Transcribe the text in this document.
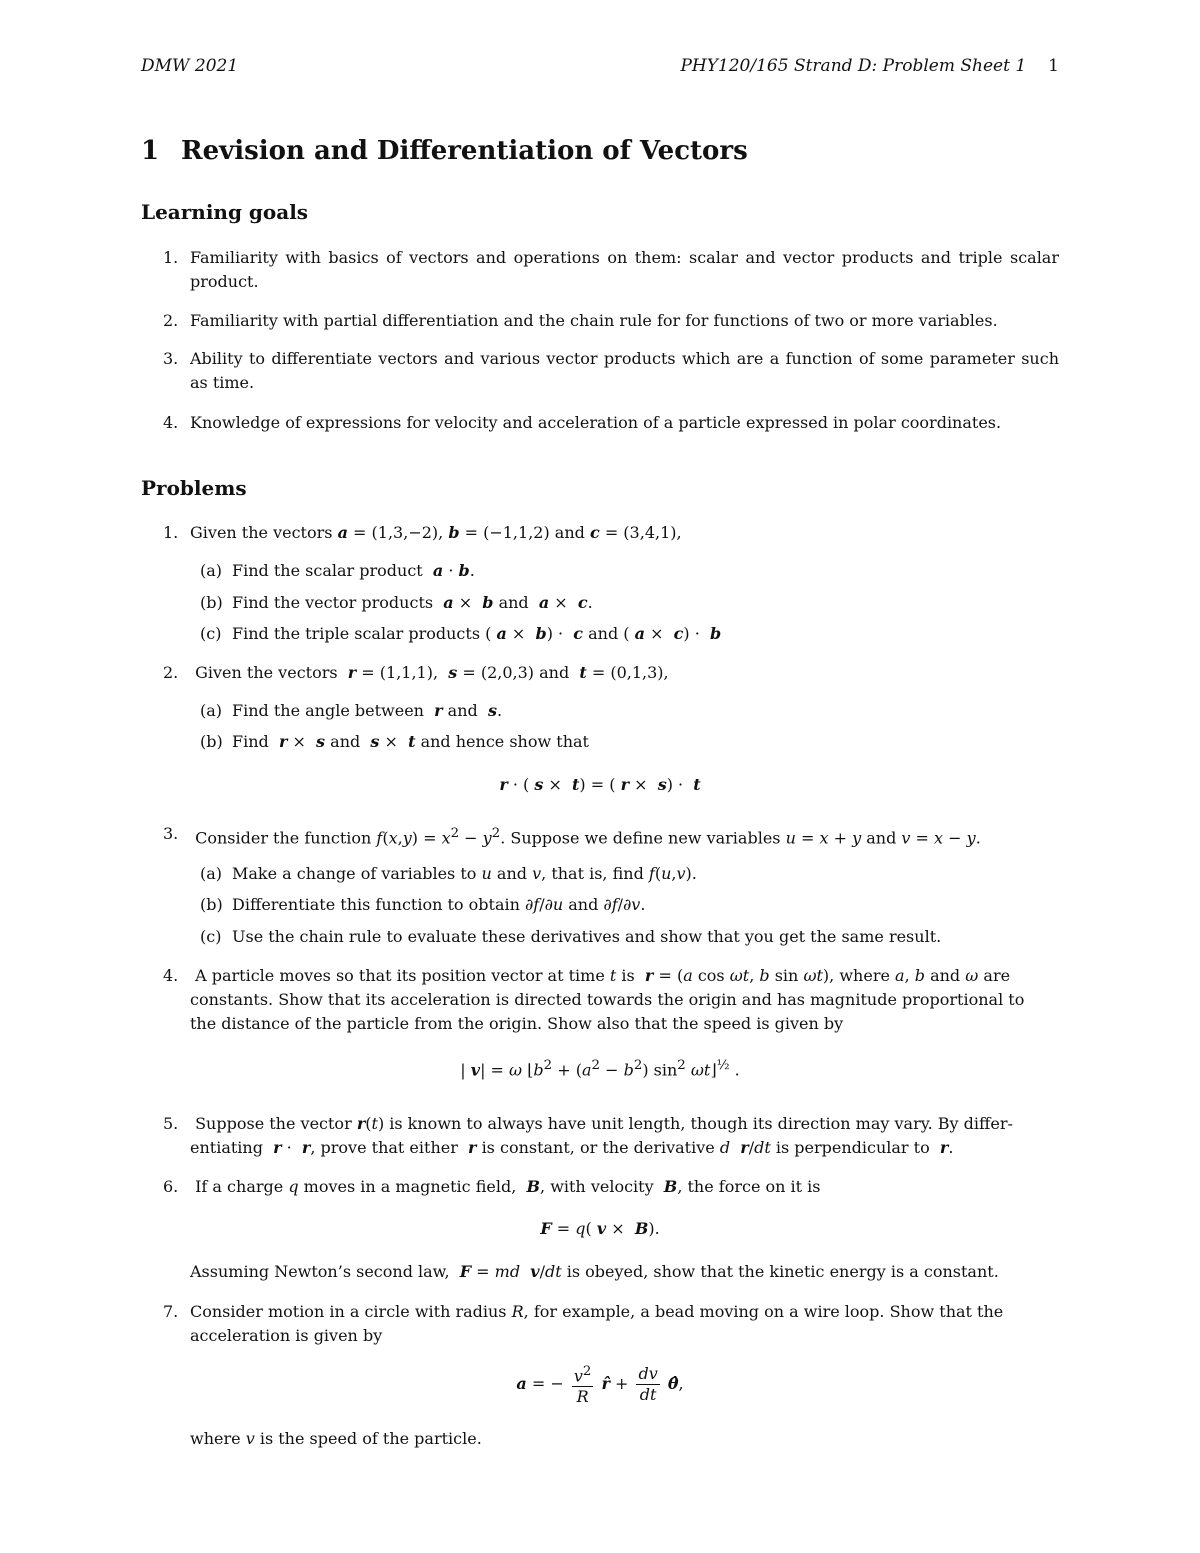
DMW 2021	PHY120/165 Strand D: Problem Sheet 1 1
1 Revision and Differentiation of Vectors
Learning goals
1. Familiarity with basics of vectors and operations on them: scalar and vector products and triple scalar product.
2. Familiarity with partial differentiation and the chain rule for for functions of two or more variables.
3. Ability to differentiate vectors and various vector products which are a function of some parameter such as time.
4. Knowledge of expressions for velocity and acceleration of a particle expressed in polar coordinates.
Problems
1. Given the vectors a = (1,3,−2), b = (−1,1,2) and c = (3,4,1),
(a) Find the scalar product a · b.
(b) Find the vector products a ×  b and  a ×  c.
(c) Find the triple scalar products ( a ×  b) ·  c and ( a ×  c) ·  b
2.	Given the vectors r = (1,1,1), s = (2,0,3) and t = (0,1,3),
(a) Find the angle between r and  s.
(b) Find r ×  s and  s ×  t and hence show that
r · ( s ×  t) = ( r ×  s) ·  t
3.	Consider the function $f(x,y) = x^2 - y^2$. Suppose we define new variables u = x + y and v = x − y.
(a) Make a change of variables to u and v, that is, find f(u,v).
(b) Differentiate this function to obtain ∂f/∂u and ∂f/∂v.
(c) Use the chain rule to evaluate these derivatives and show that you get the same result.
4.	A particle moves so that its position vector at time t is r = (a cos ωt, b sin ωt), where a, b and ω are
constants. Show that its acceleration is directed towards the origin and has magnitude proportional to
the distance of the particle from the origin. Show also that the speed is given by
| v| = ω $⌊b^2 + (a^2 - b^2)$ $\sin^2$ ωt⌋$^{\frac{1}{2}}$ .
5.	Suppose the vector r(t) is known to always have unit length, though its direction may vary. By differ-
entiating r ·  r, prove that either r is constant, or the derivative d r/dt is perpendicular to r.
6.	If a charge q moves in a magnetic field, B, with velocity B, the force on it is
F = q( v ×  B).
Assuming Newton’s second law, F = md v/dt is obeyed, show that the kinetic energy is a constant.
7. Consider motion in a circle with radius R, for example, a bead moving on a wire loop. Show that the
acceleration is given by
a = − $\frac{v^2}{R}$ r̂ + $\frac{dv}{dt}$ θ̂,
where v is the speed of the particle.
